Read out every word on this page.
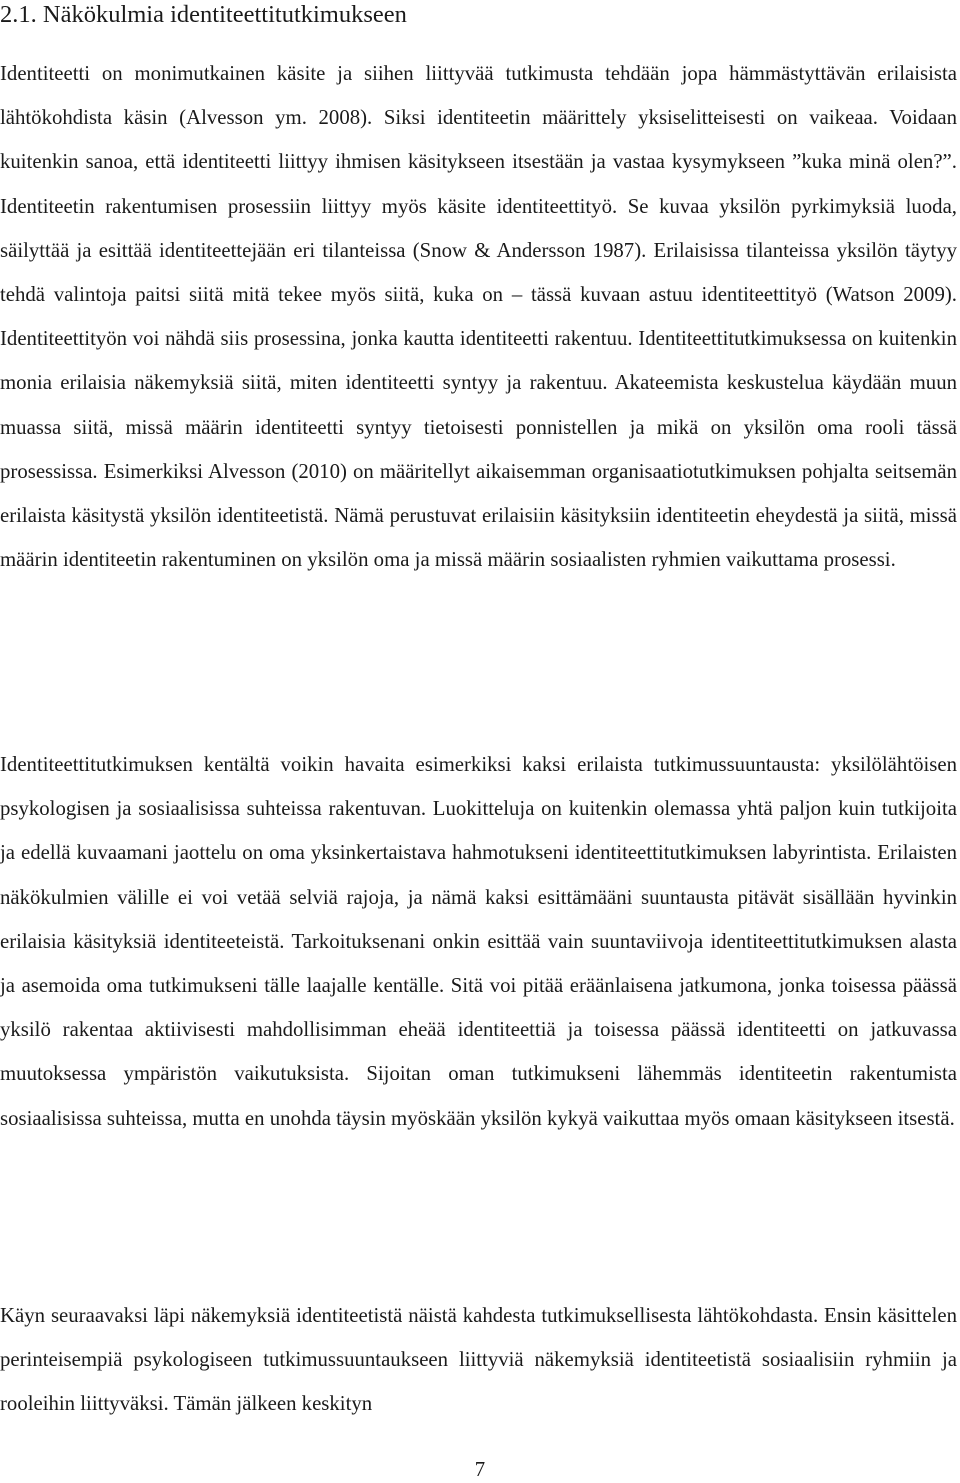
2.1. Näkökulmia identiteettitutkimukseen

Identiteetti on monimutkainen käsite ja siihen liittyvää tutkimusta tehdään jopa hämmästyttävän erilaisista lähtökohdista käsin (Alvesson ym. 2008). Siksi identiteetin määrittely yksiselitteisesti on vaikeaa. Voidaan kuitenkin sanoa, että identiteetti liittyy ihmisen käsitykseen itsestään ja vastaa kysymykseen ”kuka minä olen?”. Identiteetin rakentumisen prosessiin liittyy myös käsite identiteettityö. Se kuvaa yksilön pyrkimyksiä luoda, säilyttää ja esittää identiteettejään eri tilanteissa (Snow & Andersson 1987). Erilaisissa tilanteissa yksilön täytyy tehdä valintoja paitsi siitä mitä tekee myös siitä, kuka on – tässä kuvaan astuu identiteettityö (Watson 2009). Identiteettityön voi nähdä siis prosessina, jonka kautta identiteetti rakentuu. Identiteettitutkimuksessa on kuitenkin monia erilaisia näkemyksiä siitä, miten identiteetti syntyy ja rakentuu. Akateemista keskustelua käydään muun muassa siitä, missä määrin identiteetti syntyy tietoisesti ponnistellen ja mikä on yksilön oma rooli tässä prosessissa. Esimerkiksi Alvesson (2010) on määritellyt aikaisemman organisaatiotutkimuksen pohjalta seitsemän erilaista käsitystä yksilön identiteetistä. Nämä perustuvat erilaisiin käsityksiin identiteetin eheydestä ja siitä, missä määrin identiteetin rakentuminen on yksilön oma ja missä määrin sosiaalisten ryhmien vaikuttama prosessi.

Identiteettitutkimuksen kentältä voikin havaita esimerkiksi kaksi erilaista tutkimussuuntausta: yksilölähtöisen psykologisen ja sosiaalisissa suhteissa rakentuvan. Luokitteluja on kuitenkin olemassa yhtä paljon kuin tutkijoita ja edellä kuvaamani jaottelu on oma yksinkertaistava hahmotukseni identiteettitutkimuksen labyrintista. Erilaisten näkökulmien välille ei voi vetää selviä rajoja, ja nämä kaksi esittämääni suuntausta pitävät sisällään hyvinkin erilaisia käsityksiä identiteeteistä. Tarkoituksenani onkin esittää vain suuntaviivoja identiteettitutkimuksen alasta ja asemoida oma tutkimukseni tälle laajalle kentälle. Sitä voi pitää eräänlaisena jatkumona, jonka toisessa päässä yksilö rakentaa aktiivisesti mahdollisimman eheää identiteettiä ja toisessa päässä identiteetti on jatkuvassa muutoksessa ympäristön vaikutuksista. Sijoitan oman tutkimukseni lähemmäs identiteetin rakentumista sosiaalisissa suhteissa, mutta en unohda täysin myöskään yksilön kykyä vaikuttaa myös omaan käsitykseen itsestä.

Käyn seuraavaksi läpi näkemyksiä identiteetistä näistä kahdesta tutkimuksellisesta lähtökohdasta. Ensin käsittelen perinteisempiä psykologiseen tutkimussuuntaukseen liittyviä näkemyksiä identiteetistä sosiaalisiin ryhmiin ja rooleihin liittyväksi. Tämän jälkeen keskityn

7
